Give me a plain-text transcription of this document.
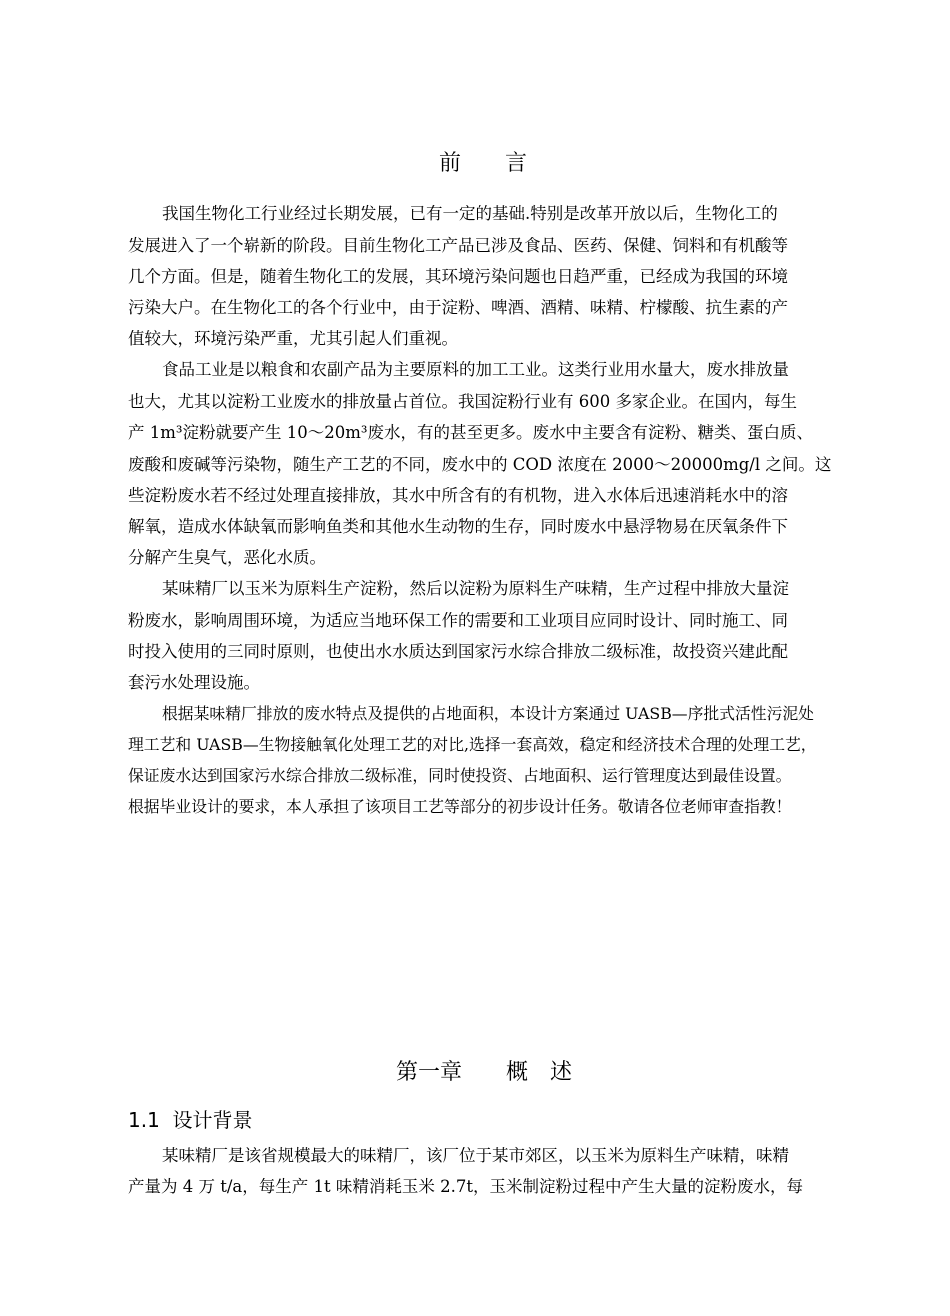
前　　言
我国生物化工行业经过长期发展，已有一定的基础.特别是改革开放以后，生物化工的
发展进入了一个崭新的阶段。目前生物化工产品已涉及食品、医药、保健、饲料和有机酸等
几个方面。但是，随着生物化工的发展，其环境污染问题也日趋严重，已经成为我国的环境
污染大户。在生物化工的各个行业中，由于淀粉、啤酒、酒精、味精、柠檬酸、抗生素的产
值较大，环境污染严重，尤其引起人们重视。
食品工业是以粮食和农副产品为主要原料的加工工业。这类行业用水量大，废水排放量
也大，尤其以淀粉工业废水的排放量占首位。我国淀粉行业有 600 多家企业。在国内，每生
产 1m³淀粉就要产生 10～20m³废水，有的甚至更多。废水中主要含有淀粉、糖类、蛋白质、
废酸和废碱等污染物，随生产工艺的不同，废水中的 COD 浓度在 2000～20000mg/l 之间。这
些淀粉废水若不经过处理直接排放，其水中所含有的有机物，进入水体后迅速消耗水中的溶
解氧，造成水体缺氧而影响鱼类和其他水生动物的生存，同时废水中悬浮物易在厌氧条件下
分解产生臭气，恶化水质。
某味精厂以玉米为原料生产淀粉，然后以淀粉为原料生产味精，生产过程中排放大量淀
粉废水，影响周围环境，为适应当地环保工作的需要和工业项目应同时设计、同时施工、同
时投入使用的三同时原则，也使出水水质达到国家污水综合排放二级标准，故投资兴建此配
套污水处理设施。
根据某味精厂排放的废水特点及提供的占地面积，本设计方案通过 UASB—序批式活性污泥处
理工艺和 UASB—生物接触氧化处理工艺的对比,选择一套高效，稳定和经济技术合理的处理工艺，
保证废水达到国家污水综合排放二级标准，同时使投资、占地面积、运行管理度达到最佳设置。
根据毕业设计的要求，本人承担了该项目工艺等部分的初步设计任务。敬请各位老师审查指教！
第一章　　概　述
1.1  设计背景
某味精厂是该省规模最大的味精厂，该厂位于某市郊区，以玉米为原料生产味精，味精
产量为 4 万 t/a，每生产 1t 味精消耗玉米 2.7t，玉米制淀粉过程中产生大量的淀粉废水，每
